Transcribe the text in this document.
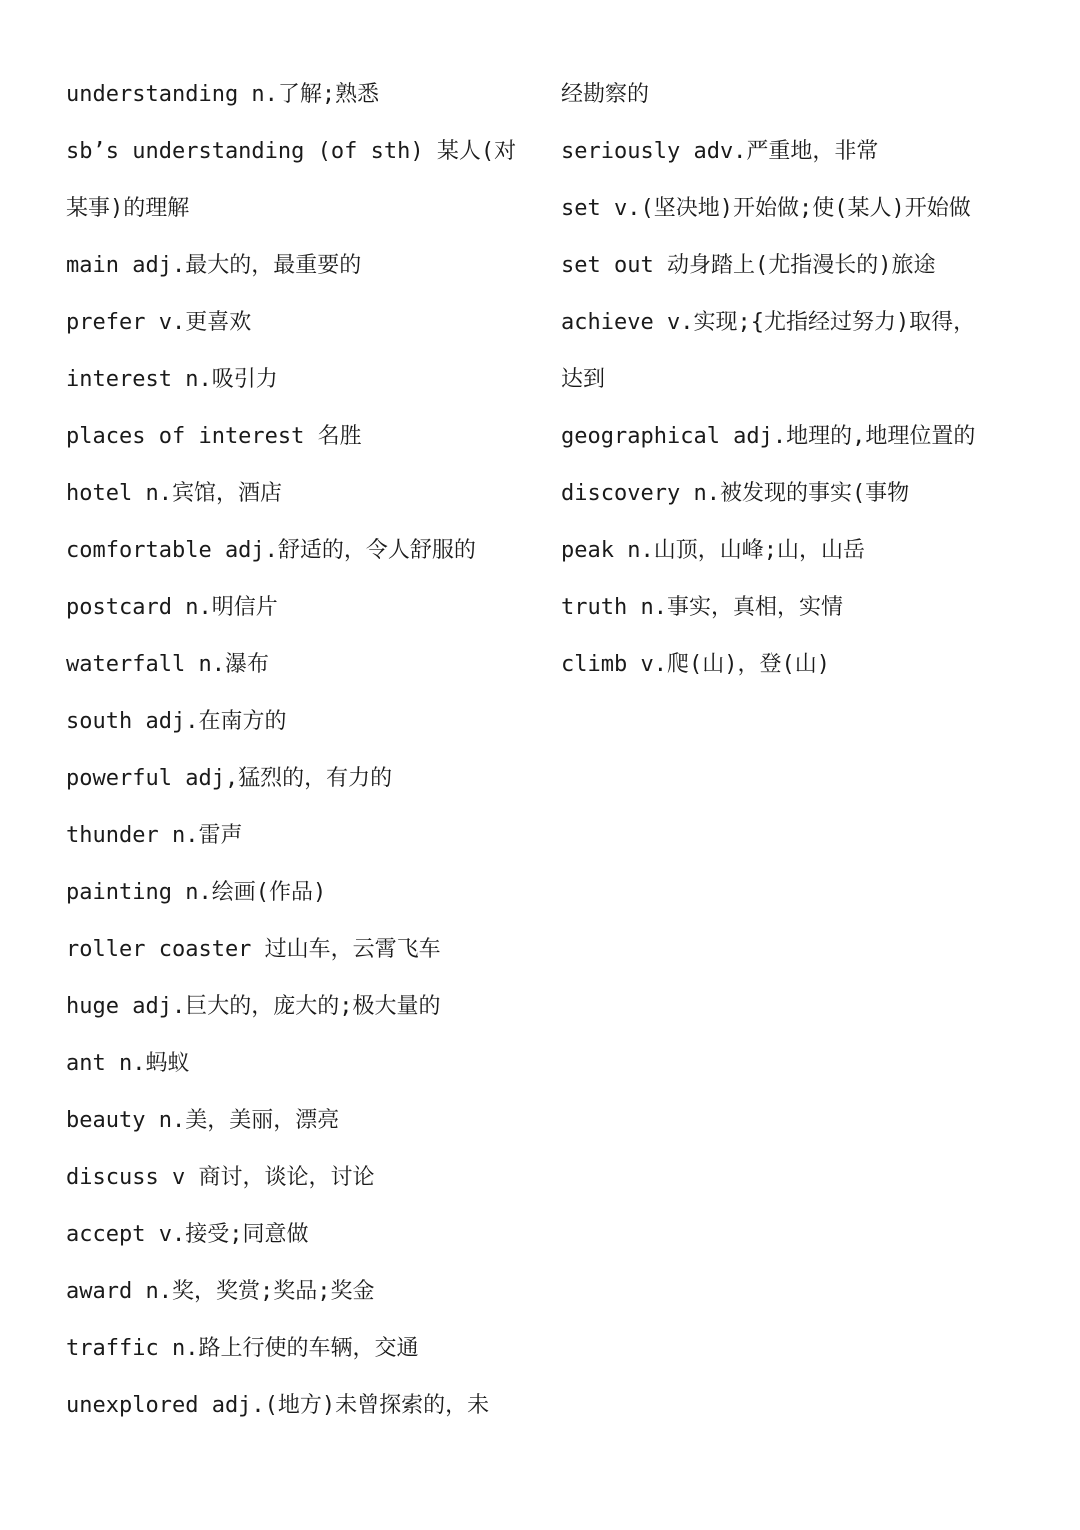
understanding n.了解;熟悉
sb’s understanding (of sth) 某人(对
某事)的理解
main adj.最大的，最重要的
prefer v.更喜欢
interest n.吸引力
places of interest 名胜
hotel n.宾馆，酒店
comfortable adj.舒适的，令人舒服的
postcard n.明信片
waterfall n.瀑布
south adj.在南方的
powerful adj,猛烈的，有力的
thunder n.雷声
painting n.绘画(作品)
roller coaster 过山车，云霄飞车
huge adj.巨大的，庞大的;极大量的
ant n.蚂蚁
beauty n.美，美丽，漂亮
discuss v 商讨，谈论，讨论
accept v.接受;同意做
award n.奖，奖赏;奖品;奖金
traffic n.路上行使的车辆，交通
unexplored adj.(地方)未曾探索的，未
经勘察的
seriously adv.严重地，非常
set v.(坚决地)开始做;使(某人)开始做
set out 动身踏上(尤指漫长的)旅途
achieve v.实现;{尤指经过努力)取得，
达到
geographical adj.地理的,地理位置的
discovery n.被发现的事实(事物
peak n.山顶，山峰;山，山岳
truth n.事实，真相，实情
climb v.爬(山)，登(山)
